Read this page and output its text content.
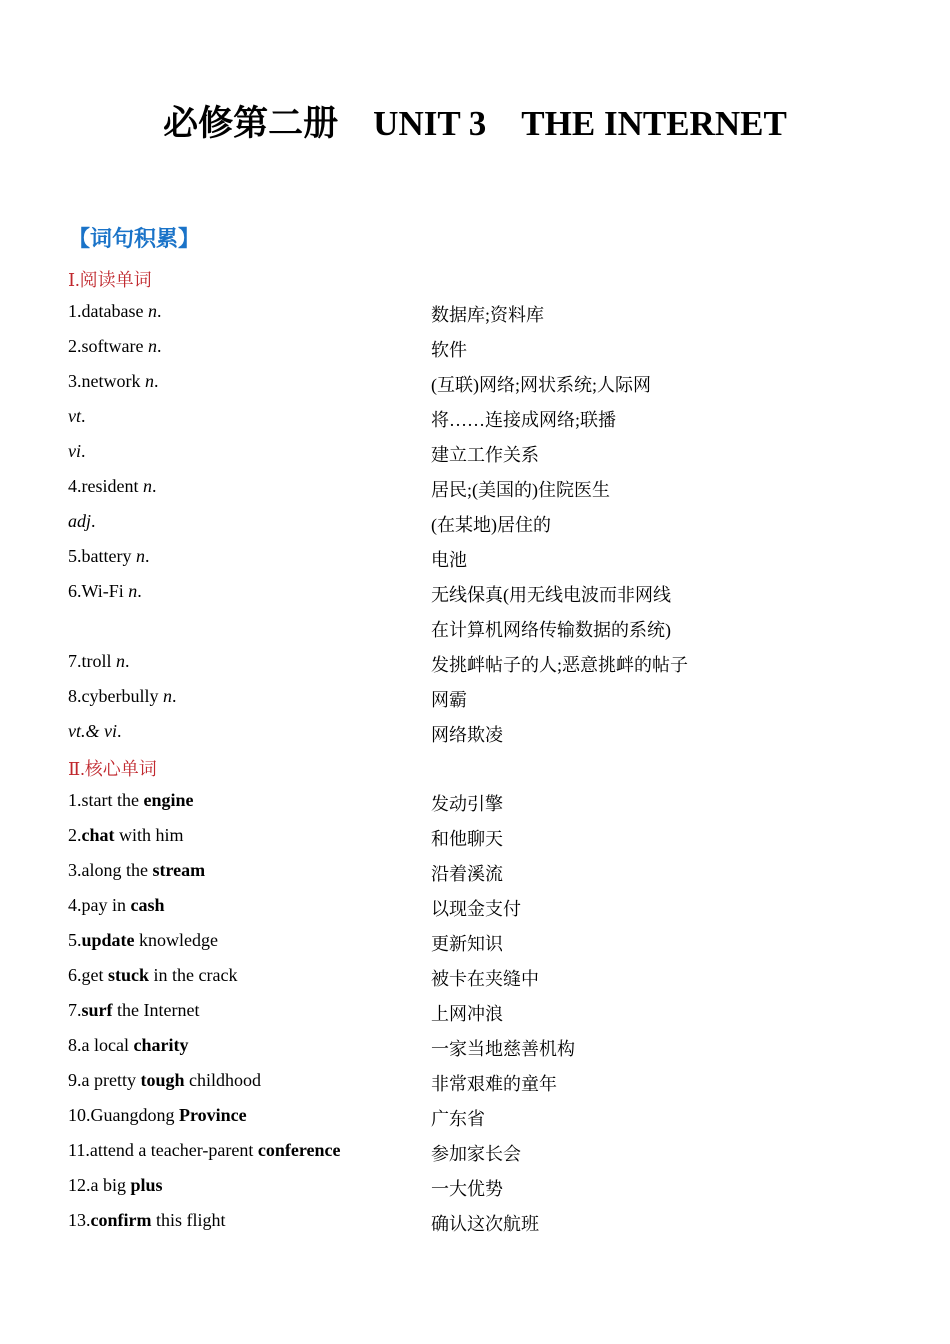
必修第二册　UNIT 3　THE INTERNET
【词句积累】
Ⅰ.阅读单词
1.database n.	数据库;资料库
2.software n.	软件
3.network n.	(互联)网络;网状系统;人际网
vt.	将……连接成网络;联播
vi.	建立工作关系
4.resident n.	居民;(美国的)住院医生
adj.	(在某地)居住的
5.battery n.	电池
6.Wi-Fi n.	无线保真(用无线电波而非网线
在计算机网络传输数据的系统)
7.troll n.	发挑衅帖子的人;恶意挑衅的帖子
8.cyberbully n.	网霸
vt.& vi.	网络欺凌
Ⅱ.核心单词
1.start the engine	发动引擎
2.chat with him	和他聊天
3.along the stream	沿着溪流
4.pay in cash	以现金支付
5.update knowledge	更新知识
6.get stuck in the crack	被卡在夹缝中
7.surf the Internet	上网冲浪
8.a local charity	一家当地慈善机构
9.a pretty tough childhood	非常艰难的童年
10.Guangdong Province	广东省
11.attend a teacher-parent conference	参加家长会
12.a big plus	一大优势
13.confirm this flight	确认这次航班
